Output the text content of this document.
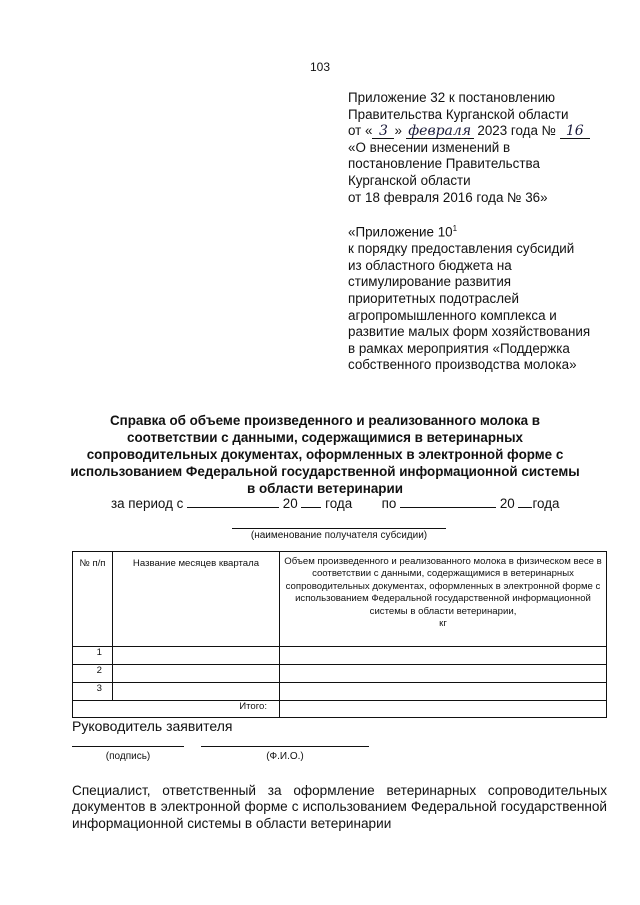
103
Приложение 32 к постановлению
Правительства Курганской области
от « 3 » февраля 2023 года № 16
«О внесении изменений в
постановление Правительства
Курганской области
от 18 февраля 2016 года № 36»
«Приложение $10^1$
к порядку предоставления субсидий
из областного бюджета на
стимулирование развития
приоритетных подотраслей
агропромышленного комплекса и
развитие малых форм хозяйствования
в рамках мероприятия «Поддержка
собственного производства молока»
Справка об объеме произведенного и реализованного молока в
соответствии с данными, содержащимися в ветеринарных
сопроводительных документах, оформленных в электронной форме с
использованием Федеральной государственной информационной системы
в области ветеринарии
за период с	20 года по	20 года
(наименование получателя субсидии)
№ п/п	Название месяцев квартала	Объем произведенного и реализованного молока в физическом весе в соответствии с данными, содержащимися в ветеринарных сопроводительных документах, оформленных в электронной форме с использованием Федеральной государственной информационной системы в области ветеринарии,
кг

1		
2		
3		
Итого:		
Руководитель заявителя
(подпись)	(Ф.И.О.)
Специалист, ответственный за оформление ветеринарных сопроводительных документов в электронной форме с использованием Федеральной государственной информационной системы в области ветеринарии
